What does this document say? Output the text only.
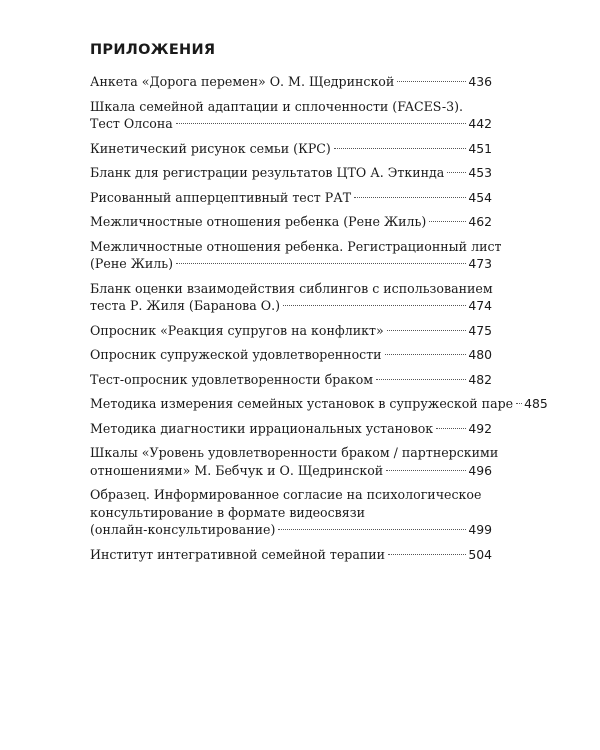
ПРИЛОЖЕНИЯ
Анкета «Дорога перемен» О. М. Щедринской	436
Шкала семейной адаптации и сплоченности (FACES-3).
Тест Олсона	442
Кинетический рисунок семьи (КРС)	451
Бланк для регистрации результатов ЦТО А. Эткинда 453
Рисованный апперцептивный тест РАТ	454
Межличностные отношения ребенка (Рене Жиль)	462
Межличностные отношения ребенка. Регистрационный лист
(Рене Жиль)	473
Бланк оценки взаимодействия сиблингов с использованием
теста Р. Жиля (Баранова О.)	474
Опросник «Реакция супругов на конфликт»	475
Опросник супружеской удовлетворенности	480
Тест-опросник удовлетворенности браком	482
Методика измерения семейных установок в супружеской паре 485
Методика диагностики иррациональных установок	492
Шкалы «Уровень удовлетворенности браком / партнерскими
отношениями» М. Бебчук и О. Щедринской	496
Образец. Информированное согласие на психологическое
консультирование в формате видеосвязи
(онлайн-консультирование)	499
Институт интегративной семейной терапии	504
